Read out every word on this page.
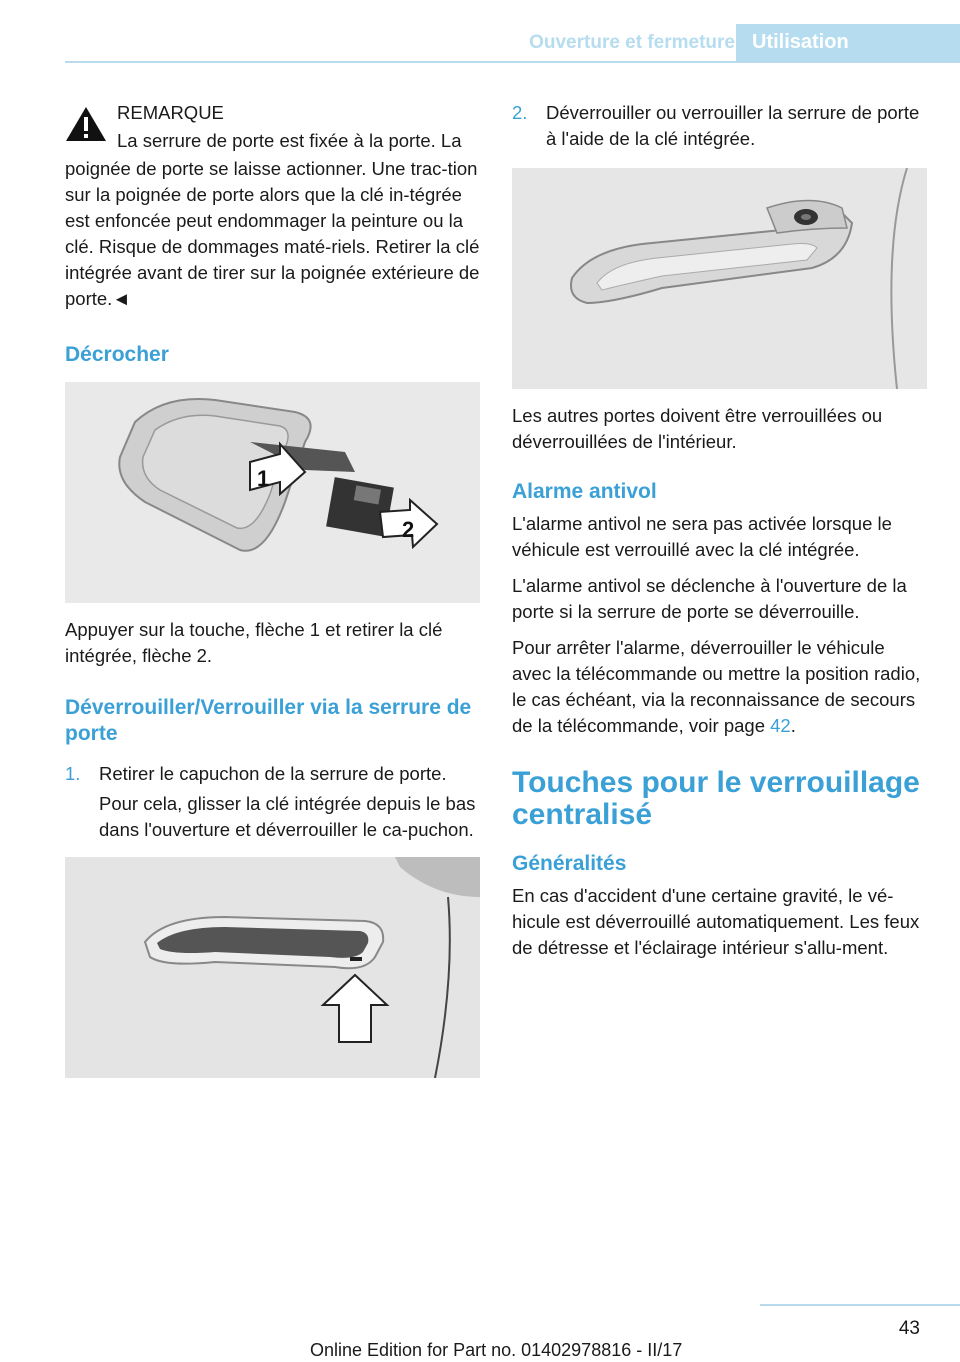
Ouverture et fermeture Utilisation

REMARQUE

La serrure de porte est fixée à la porte. La

poignée de porte se laisse actionner. Une trac-tion sur la poignée de porte alors que la clé in-tégrée est enfoncée peut endommager la peinture ou la clé. Risque de dommages maté-riels. Retirer la clé intégrée avant de tirer sur la poignée extérieure de porte.◄

Décrocher
1
2

Appuyer sur la touche, flèche 1 et retirer la clé intégrée, flèche 2.

Déverrouiller/Verrouiller via la serrure de porte
1. Retirer le capuchon de la serrure de porte.

Pour cela, glisser la clé intégrée depuis le bas dans l'ouverture et déverrouiller le ca-puchon.

2. Déverrouiller ou verrouiller la serrure de porte à l'aide de la clé intégrée.

Les autres portes doivent être verrouillées ou déverrouillées de l'intérieur.

Alarme antivol

L'alarme antivol ne sera pas activée lorsque le véhicule est verrouillé avec la clé intégrée.

L'alarme antivol se déclenche à l'ouverture de la porte si la serrure de porte se déverrouille.

Pour arrêter l'alarme, déverrouiller le véhicule avec la télécommande ou mettre la position radio, le cas échéant, via la reconnaissance de secours de la télécommande, voir page 42.

Touches pour le verrouillage centralisé
Généralités

En cas d'accident d'une certaine gravité, le vé-hicule est déverrouillé automatiquement. Les feux de détresse et l'éclairage intérieur s'allu-ment.

43
Online Edition for Part no. 01402978816 - II/17
